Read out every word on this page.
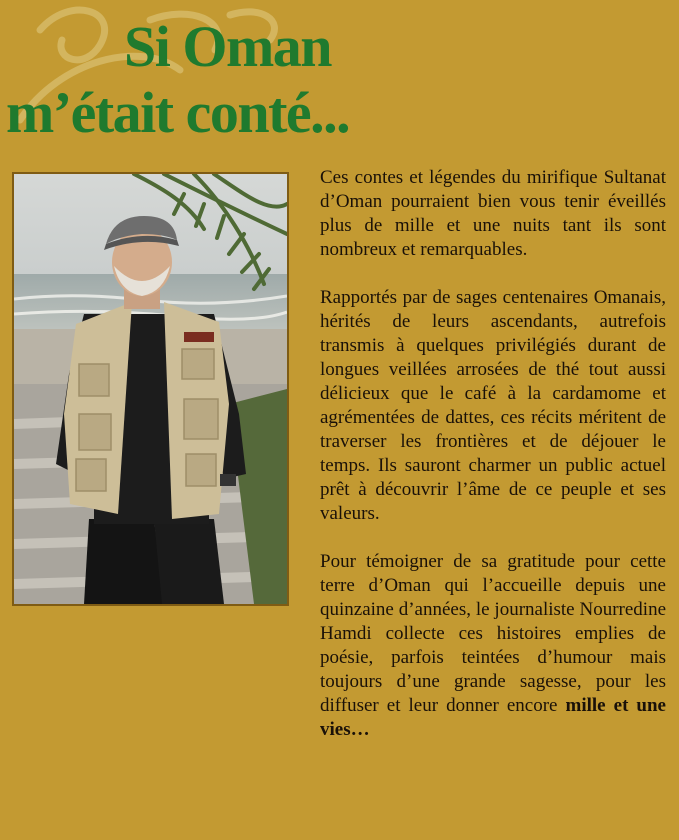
Si Oman
m’était conté...

Ces contes et légendes du mirifique Sultanat d’Oman pourraient bien vous tenir éveillés plus de mille et une nuits tant ils sont nombreux et remarquables.

Rapportés par de sages centenaires Omanais, hérités de leurs ascendants, autrefois transmis à quelques privilégiés durant de longues veillées arrosées de thé tout aussi délicieux que le café à la cardamome et agrémentées de dattes, ces récits méritent de traverser les frontières et de déjouer le temps. Ils sauront charmer un public actuel prêt à découvrir l’âme de ce peuple et ses valeurs.

Pour témoigner de sa gratitude pour cette terre d’Oman qui l’accueille depuis une quinzaine d’années, le journaliste Nourredine Hamdi collecte ces histoires emplies de poésie, parfois teintées d’humour mais toujours d’une grande sagesse, pour les diffuser et leur donner encore mille et une vies…
